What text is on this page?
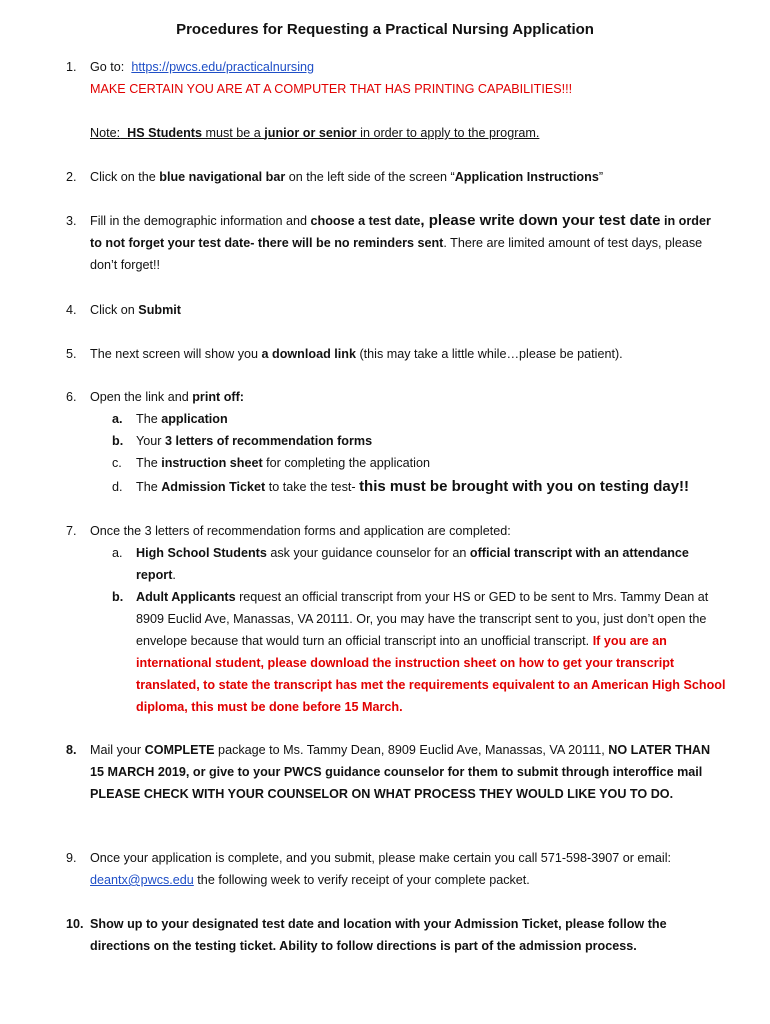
Procedures for Requesting a Practical Nursing Application
1.	Go to: https://pwcs.edu/practicalnursing

MAKE CERTAIN YOU ARE AT A COMPUTER THAT HAS PRINTING CAPABILITIES!!!

Note: HS Students must be a junior or senior in order to apply to the program.

2.	Click on the blue navigational bar on the left side of the screen “Application Instructions”

3.	Fill in the demographic information and choose a test date, please write down your test date in order to not forget your test date- there will be no reminders sent. There are limited amount of test days, please don’t forget!!

4.	Click on Submit

5.	The next screen will show you a download link (this may take a little while…please be patient).

6.	Open the link and print off:

a. The application
b. Your 3 letters of recommendation forms
c. The instruction sheet for completing the application
d. The Admission Ticket to take the test- this must be brought with you on testing day!!
7.	Once the 3 letters of recommendation forms and application are completed:

a. High School Students ask your guidance counselor for an official transcript with an attendance report.
b. Adult Applicants request an official transcript from your HS or GED to be sent to Mrs. Tammy Dean at 8909 Euclid Ave, Manassas, VA 20111. Or, you may have the transcript sent to you, just don’t open the envelope because that would turn an official transcript into an unofficial transcript. If you are an international student, please download the instruction sheet on how to get your transcript translated, to state the transcript has met the requirements equivalent to an American High School diploma, this must be done before 15 March.
8.	Mail your COMPLETE package to Ms. Tammy Dean, 8909 Euclid Ave, Manassas, VA 20111, NO LATER THAN 15 MARCH 2019, or give to your PWCS guidance counselor for them to submit through interoffice mail PLEASE CHECK WITH YOUR COUNSELOR ON WHAT PROCESS THEY WOULD LIKE YOU TO DO.

9.	Once your application is complete, and you submit, please make certain you call 571-598-3907 or email: deantx@pwcs.edu the following week to verify receipt of your complete packet.

10. Show up to your designated test date and location with your Admission Ticket, please follow the directions on the testing ticket. Ability to follow directions is part of the admission process.
